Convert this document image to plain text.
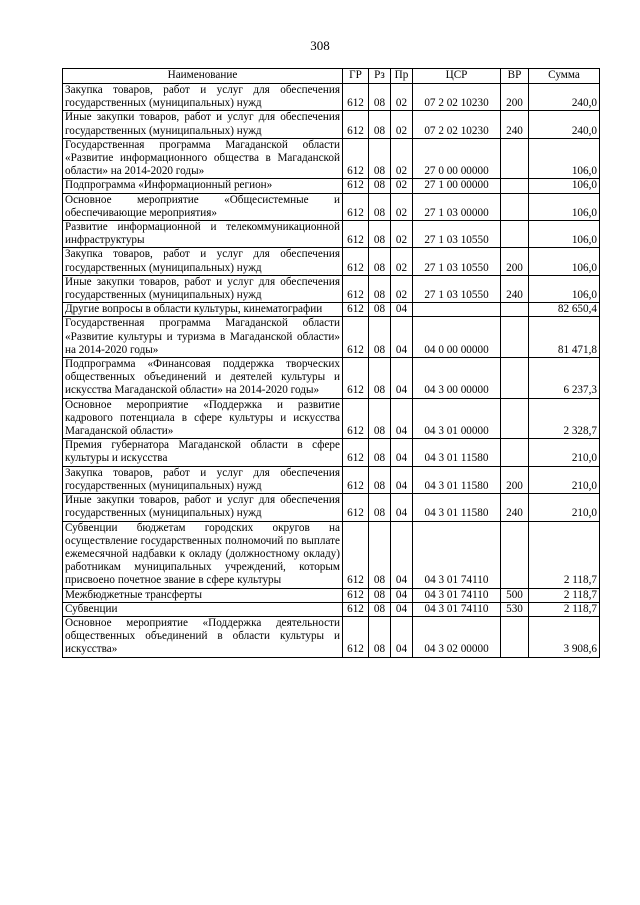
308
Наименование	ГР	Рз	Пр	ЦСР	ВР	Сумма
Закупка товаров, работ и услуг для обеспечения государственных (муниципальных) нужд	612	08	02	07 2 02 10230	200	240,0
Иные закупки товаров, работ и услуг для обеспечения государственных (муниципальных) нужд	612	08	02	07 2 02 10230	240	240,0
Государственная программа Магаданской области «Развитие информационного общества в Магаданской области» на 2014-2020 годы»	612	08	02	27 0 00 00000		106,0
Подпрограмма «Информационный регион»	612	08	02	27 1 00 00000		106,0
Основное мероприятие «Общесистемные и обеспечивающие мероприятия»	612	08	02	27 1 03 00000		106,0
Развитие информационной и телекоммуникационной инфраструктуры	612	08	02	27 1 03 10550		106,0
Закупка товаров, работ и услуг для обеспечения государственных (муниципальных) нужд	612	08	02	27 1 03 10550	200	106,0
Иные закупки товаров, работ и услуг для обеспечения государственных (муниципальных) нужд	612	08	02	27 1 03 10550	240	106,0
Другие вопросы в области культуры, кинематографии	612	08	04			82 650,4
Государственная программа Магаданской области «Развитие культуры и туризма в Магаданской области» на 2014-2020 годы»	612	08	04	04 0 00 00000		81 471,8
Подпрограмма «Финансовая поддержка творческих общественных объединений и деятелей культуры и искусства Магаданской области» на 2014-2020 годы»	612	08	04	04 3 00 00000		6 237,3
Основное мероприятие «Поддержка и развитие кадрового потенциала в сфере культуры и искусства Магаданской области»	612	08	04	04 3 01 00000		2 328,7
Премия губернатора Магаданской области в сфере культуры и искусства	612	08	04	04 3 01 11580		210,0
Закупка товаров, работ и услуг для обеспечения государственных (муниципальных) нужд	612	08	04	04 3 01 11580	200	210,0
Иные закупки товаров, работ и услуг для обеспечения государственных (муниципальных) нужд	612	08	04	04 3 01 11580	240	210,0
Субвенции бюджетам городских округов на осуществление государственных полномочий по выплате ежемесячной надбавки к окладу (должностному окладу) работникам муниципальных учреждений, которым присвоено почетное звание в сфере культуры	612	08	04	04 3 01 74110		2 118,7
Межбюджетные трансферты	612	08	04	04 3 01 74110	500	2 118,7
Субвенции	612	08	04	04 3 01 74110	530	2 118,7
Основное мероприятие «Поддержка деятельности общественных объединений в области культуры и искусства»	612	08	04	04 3 02 00000		3 908,6
